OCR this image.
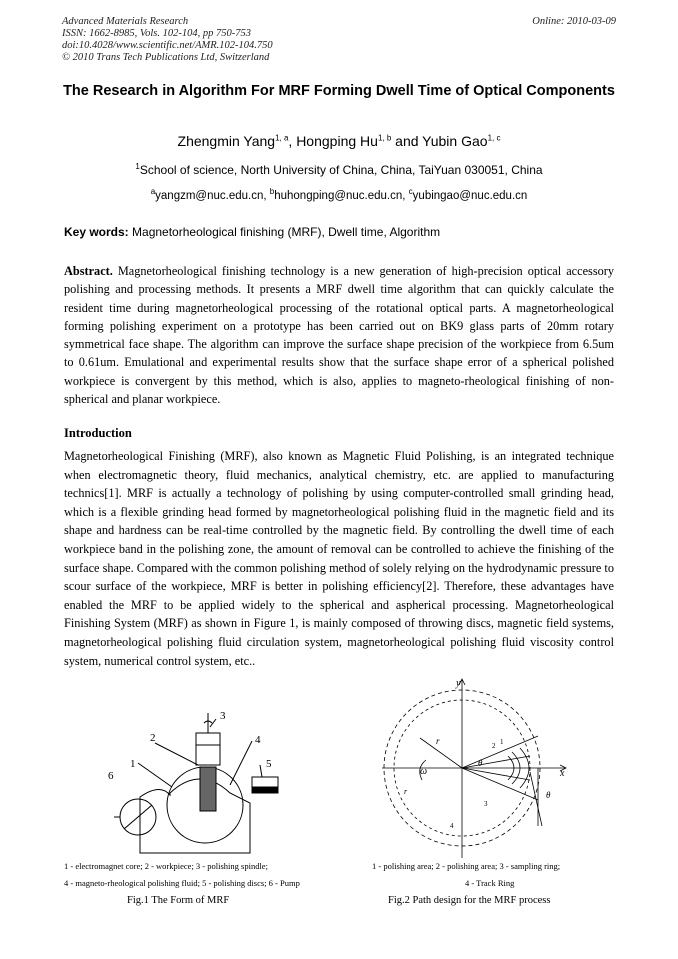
Advanced Materials Research
ISSN: 1662-8985, Vols. 102-104, pp 750-753
doi:10.4028/www.scientific.net/AMR.102-104.750
© 2010 Trans Tech Publications Ltd, Switzerland
Online: 2010-03-09
The Research in Algorithm For MRF Forming Dwell Time of Optical Components
Zhengmin Yang$^{1, a}$, Hongping Hu$^{1, b}$ and Yubin Gao$^{1, c}$
$^1$School of science, North University of China, China, TaiYuan 030051, China
$^a$yangzm@nuc.edu.cn, $^b$huhongping@nuc.edu.cn, $^c$yubingao@nuc.edu.cn
Key words: Magnetorheological finishing (MRF), Dwell time, Algorithm
Abstract. Magnetorheological finishing technology is a new generation of high-precision optical accessory polishing and processing methods. It presents a MRF dwell time algorithm that can quickly calculate the resident time during magnetorheological processing of the rotational optical parts. A magnetorheological forming polishing experiment on a prototype has been carried out on BK9 glass parts of 20mm rotary symmetrical face shape. The algorithm can improve the surface shape precision of the workpiece from 6.5um to 0.61um. Emulational and experimental results show that the surface shape error of a spherical polished workpiece is convergent by this method, which is also, applies to magneto-rheological finishing of non-spherical and planar workpiece.
Introduction
Magnetorheological Finishing (MRF), also known as Magnetic Fluid Polishing, is an integrated technique when electromagnetic theory, fluid mechanics, analytical chemistry, etc. are applied to manufacturing technics[1]. MRF is actually a technology of polishing by using computer-controlled small grinding head, which is a flexible grinding head formed by magnetorheological polishing fluid in the magnetic field and its shape and hardness can be real-time controlled by the magnetic field. By controlling the dwell time of each workpiece band in the polishing zone, the amount of removal can be controlled to achieve the finishing of the surface shape. Compared with the common polishing method of solely relying on the hydrodynamic pressure to scour surface of the workpiece, MRF is better in polishing efficiency[2]. Therefore, these advantages have enabled the MRF to be applied widely to the spherical and aspherical processing. Magnetorheological Finishing System (MRF) as shown in Figure 1, is mainly composed of throwing discs, magnetic field systems, magnetorheological polishing fluid circulation system, magnetorheological polishing fluid viscosity control system, numerical control system, etc..
2
1
3
4
5
6
y
x
1
2
3
4
r
r
θ
ω
θ
1 - electromagnet core; 2 - workpiece; 3 - polishing spindle;
4 - magneto-rheological polishing fluid; 5 - polishing discs; 6 - Pump
1 - polishing area; 2 - polishing area; 3 - sampling ring;
4 - Track Ring
Fig.1 The Form of MRF	Fig.2 Path design for the MRF process
